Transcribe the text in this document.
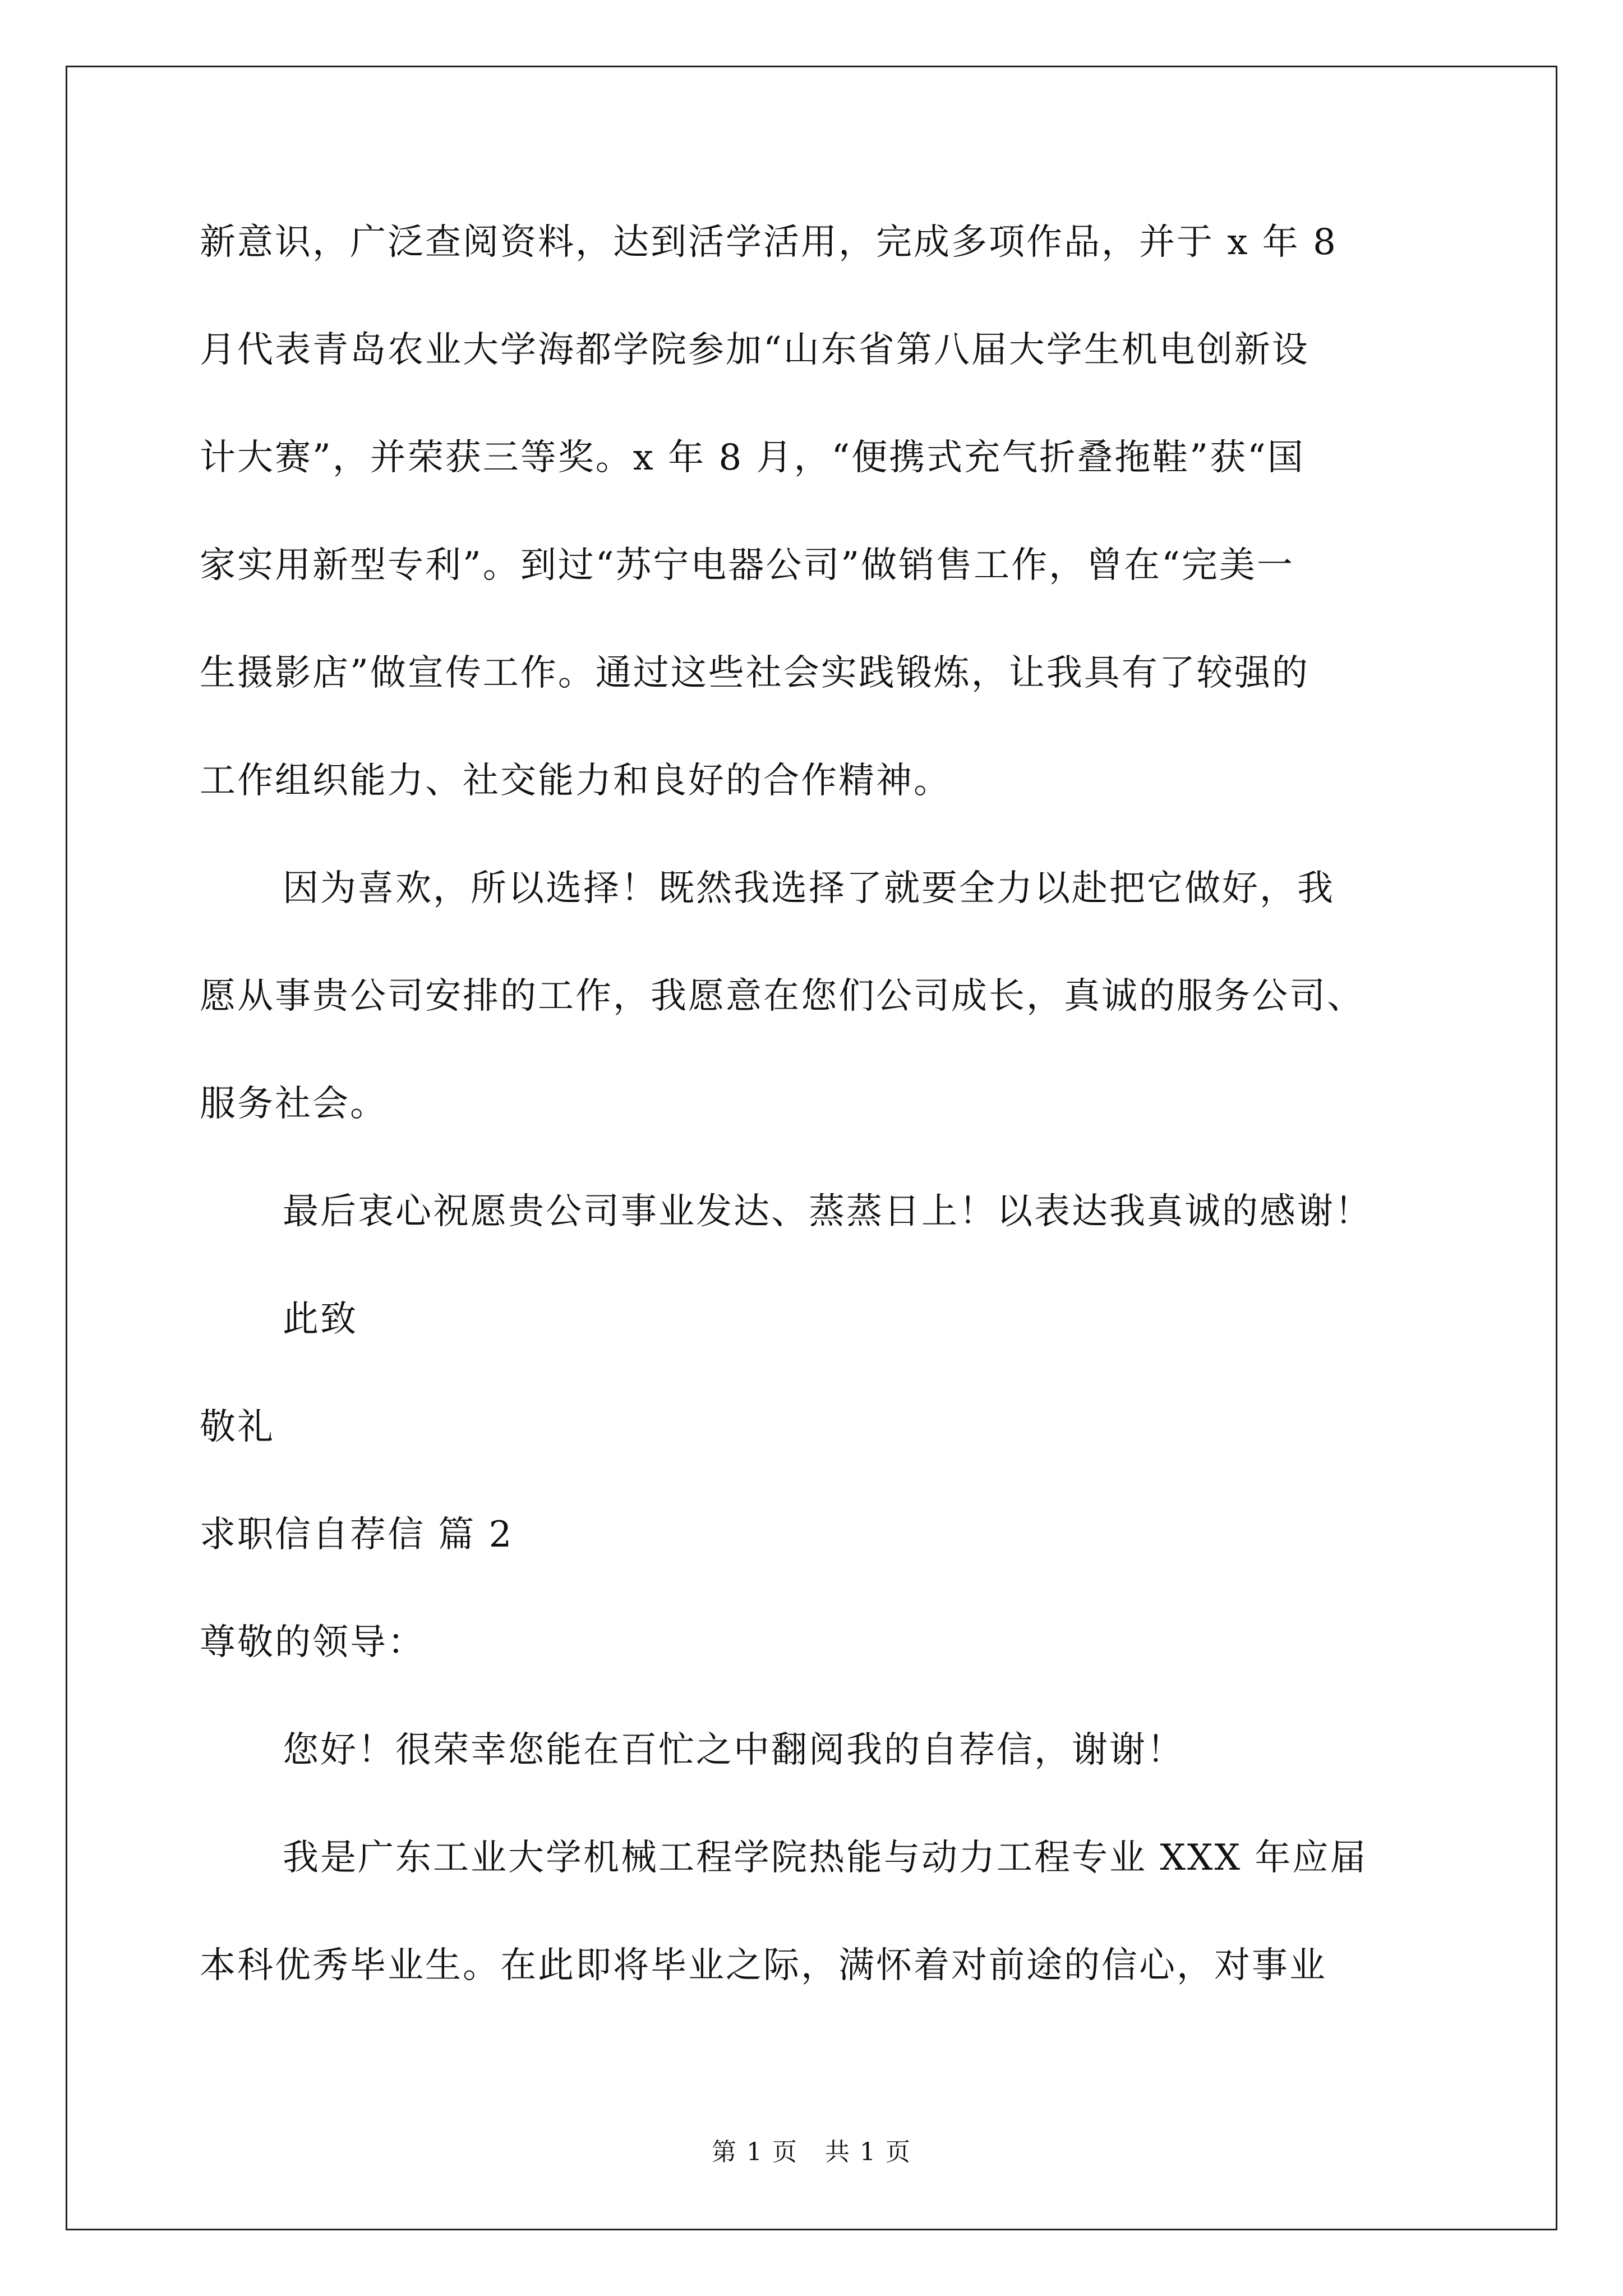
新意识，广泛查阅资料，达到活学活用，完成多项作品，并于 x 年 8
月代表青岛农业大学海都学院参加“山东省第八届大学生机电创新设
计大赛”，并荣获三等奖。x 年 8 月，“便携式充气折叠拖鞋”获“国
家实用新型专利”。到过“苏宁电器公司”做销售工作，曾在“完美一
生摄影店”做宣传工作。通过这些社会实践锻炼，让我具有了较强的
工作组织能力、社交能力和良好的合作精神。
因为喜欢，所以选择！既然我选择了就要全力以赴把它做好，我
愿从事贵公司安排的工作，我愿意在您们公司成长，真诚的服务公司、
服务社会。
最后衷心祝愿贵公司事业发达、蒸蒸日上！以表达我真诚的感谢！
此致
敬礼
求职信自荐信 篇 2
尊敬的领导：
您好！很荣幸您能在百忙之中翻阅我的自荐信，谢谢！
我是广东工业大学机械工程学院热能与动力工程专业 XXX 年应届
本科优秀毕业生。在此即将毕业之际，满怀着对前途的信心，对事业
第 1 页   共 1 页
